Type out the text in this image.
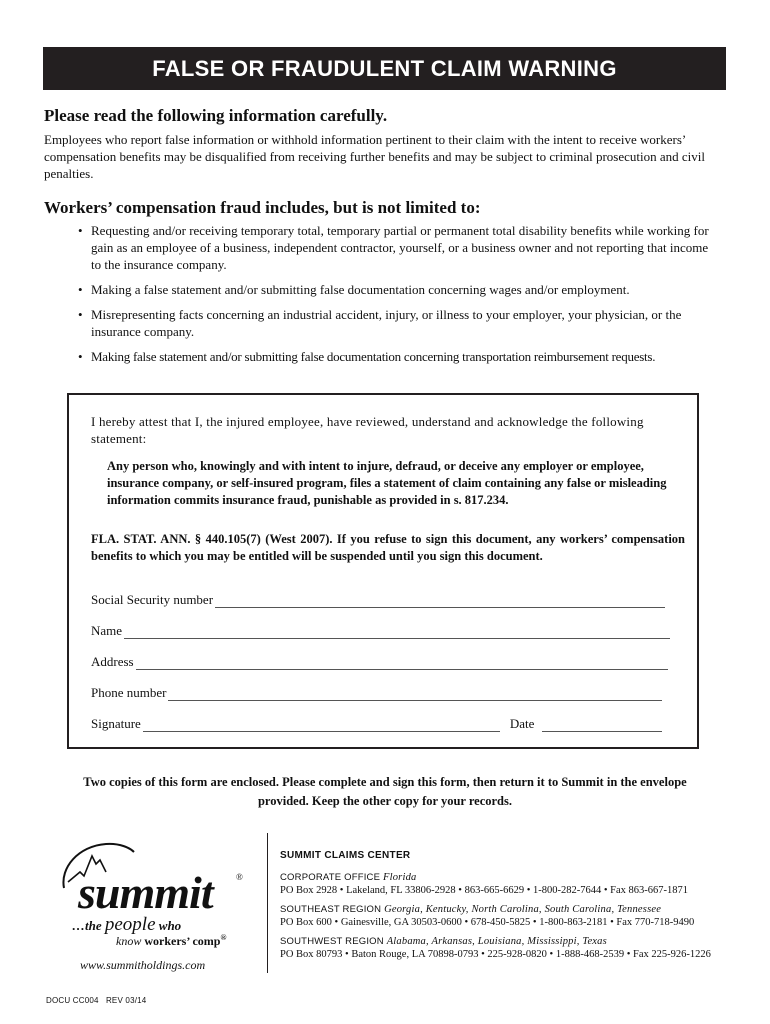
FALSE OR FRAUDULENT CLAIM WARNING
Please read the following information carefully.

Employees who report false information or withhold information pertinent to their claim with the intent to receive workers’ compensation benefits may be disqualified from receiving further benefits and may be subject to criminal prosecution and civil penalties.

Workers’ compensation fraud includes, but is not limited to:
• Requesting and/or receiving temporary total, temporary partial or permanent total disability benefits while working for gain as an employee of a business, independent contractor, yourself, or a business owner and not reporting that income to the insurance company.
• Making a false statement and/or submitting false documentation concerning wages and/or employment.
• Misrepresenting facts concerning an industrial accident, injury, or illness to your employer, your physician, or the insurance company.
• Making false statement and/or submitting false documentation concerning transportation reimbursement requests.

I hereby attest that I, the injured employee, have reviewed, understand and acknowledge the following statement:

Any person who, knowingly and with intent to injure, defraud, or deceive any employer or employee, insurance company, or self-insured program, files a statement of claim containing any false or misleading information commits insurance fraud, punishable as provided in s. 817.234.

FLA. STAT. ANN. § 440.105(7) (West 2007). If you refuse to sign this document, any workers’ compensation benefits to which you may be entitled will be suspended until you sign this document.

Social Security number
Name
Address
Phone number
Signature	Date

Two copies of this form are enclosed. Please complete and sign this form, then return it to Summit in the envelope provided. Keep the other copy for your records.

summit	®
…the people who
know workers’ comp®
www.summitholdings.com
SUMMIT CLAIMS CENTER
CORPORATE OFFICE Florida
PO Box 2928 • Lakeland, FL 33806-2928 • 863-665-6629 • 1-800-282-7644 • Fax 863-667-1871
SOUTHEAST REGION Georgia, Kentucky, North Carolina, South Carolina, Tennessee
PO Box 600 • Gainesville, GA 30503-0600 • 678-450-5825 • 1-800-863-2181 • Fax 770-718-9490
SOUTHWEST REGION Alabama, Arkansas, Louisiana, Mississippi, Texas
PO Box 80793 • Baton Rouge, LA 70898-0793 • 225-928-0820 • 1-888-468-2539 • Fax 225-926-1226
DOCU CC004   REV 03/14
